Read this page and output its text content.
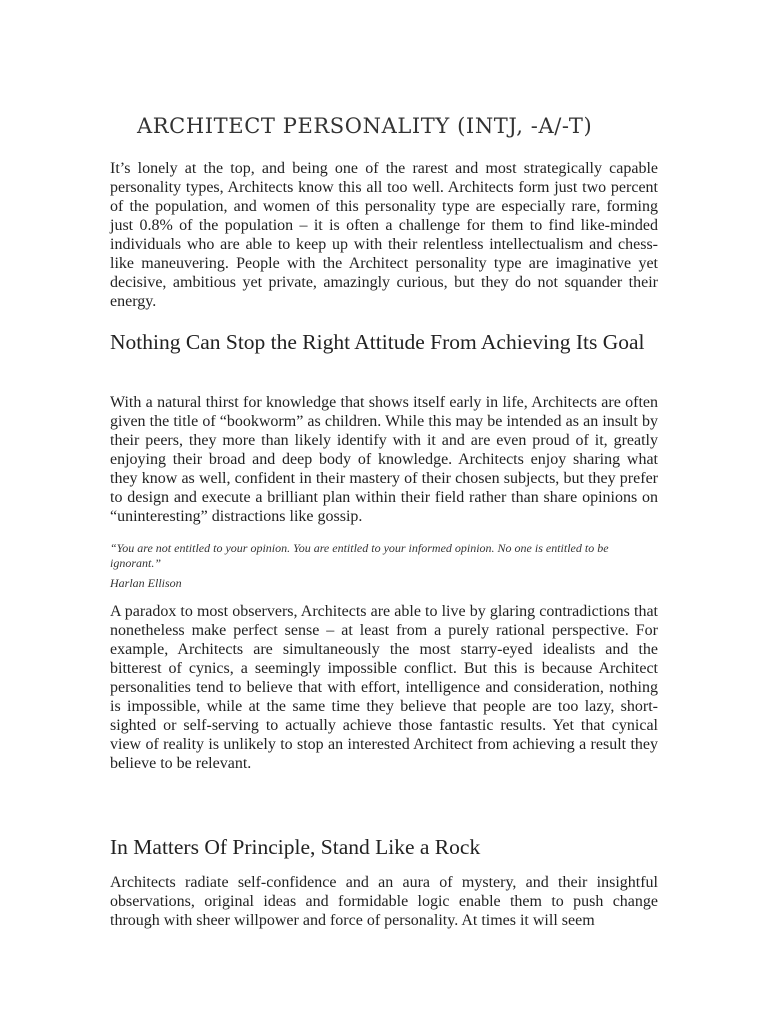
ARCHITECT PERSONALITY (INTJ, -A/-T)

It’s lonely at the top, and being one of the rarest and most strategically capable personality types, Architects know this all too well. Architects form just two percent of the population, and women of this personality type are especially rare, forming just 0.8% of the population – it is often a challenge for them to find like-minded individuals who are able to keep up with their relentless intellectualism and chess-like maneuvering. People with the Architect personality type are imaginative yet decisive, ambitious yet private, amazingly curious, but they do not squander their energy.

Nothing Can Stop the Right Attitude From Achieving Its Goal

With a natural thirst for knowledge that shows itself early in life, Architects are often given the title of “bookworm” as children. While this may be intended as an insult by their peers, they more than likely identify with it and are even proud of it, greatly enjoying their broad and deep body of knowledge. Architects enjoy sharing what they know as well, confident in their mastery of their chosen subjects, but they prefer to design and execute a brilliant plan within their field rather than share opinions on “uninteresting” distractions like gossip.

“You are not entitled to your opinion. You are entitled to your informed opinion. No one is entitled to be ignorant.”

Harlan Ellison

A paradox to most observers, Architects are able to live by glaring contradictions that nonetheless make perfect sense – at least from a purely rational perspective. For example, Architects are simultaneously the most starry-eyed idealists and the bitterest of cynics, a seemingly impossible conflict. But this is because Architect personalities tend to believe that with effort, intelligence and consideration, nothing is impossible, while at the same time they believe that people are too lazy, short-sighted or self-serving to actually achieve those fantastic results. Yet that cynical view of reality is unlikely to stop an interested Architect from achieving a result they believe to be relevant.

In Matters Of Principle, Stand Like a Rock

Architects radiate self-confidence and an aura of mystery, and their insightful observations, original ideas and formidable logic enable them to push change through with sheer willpower and force of personality. At times it will seem
